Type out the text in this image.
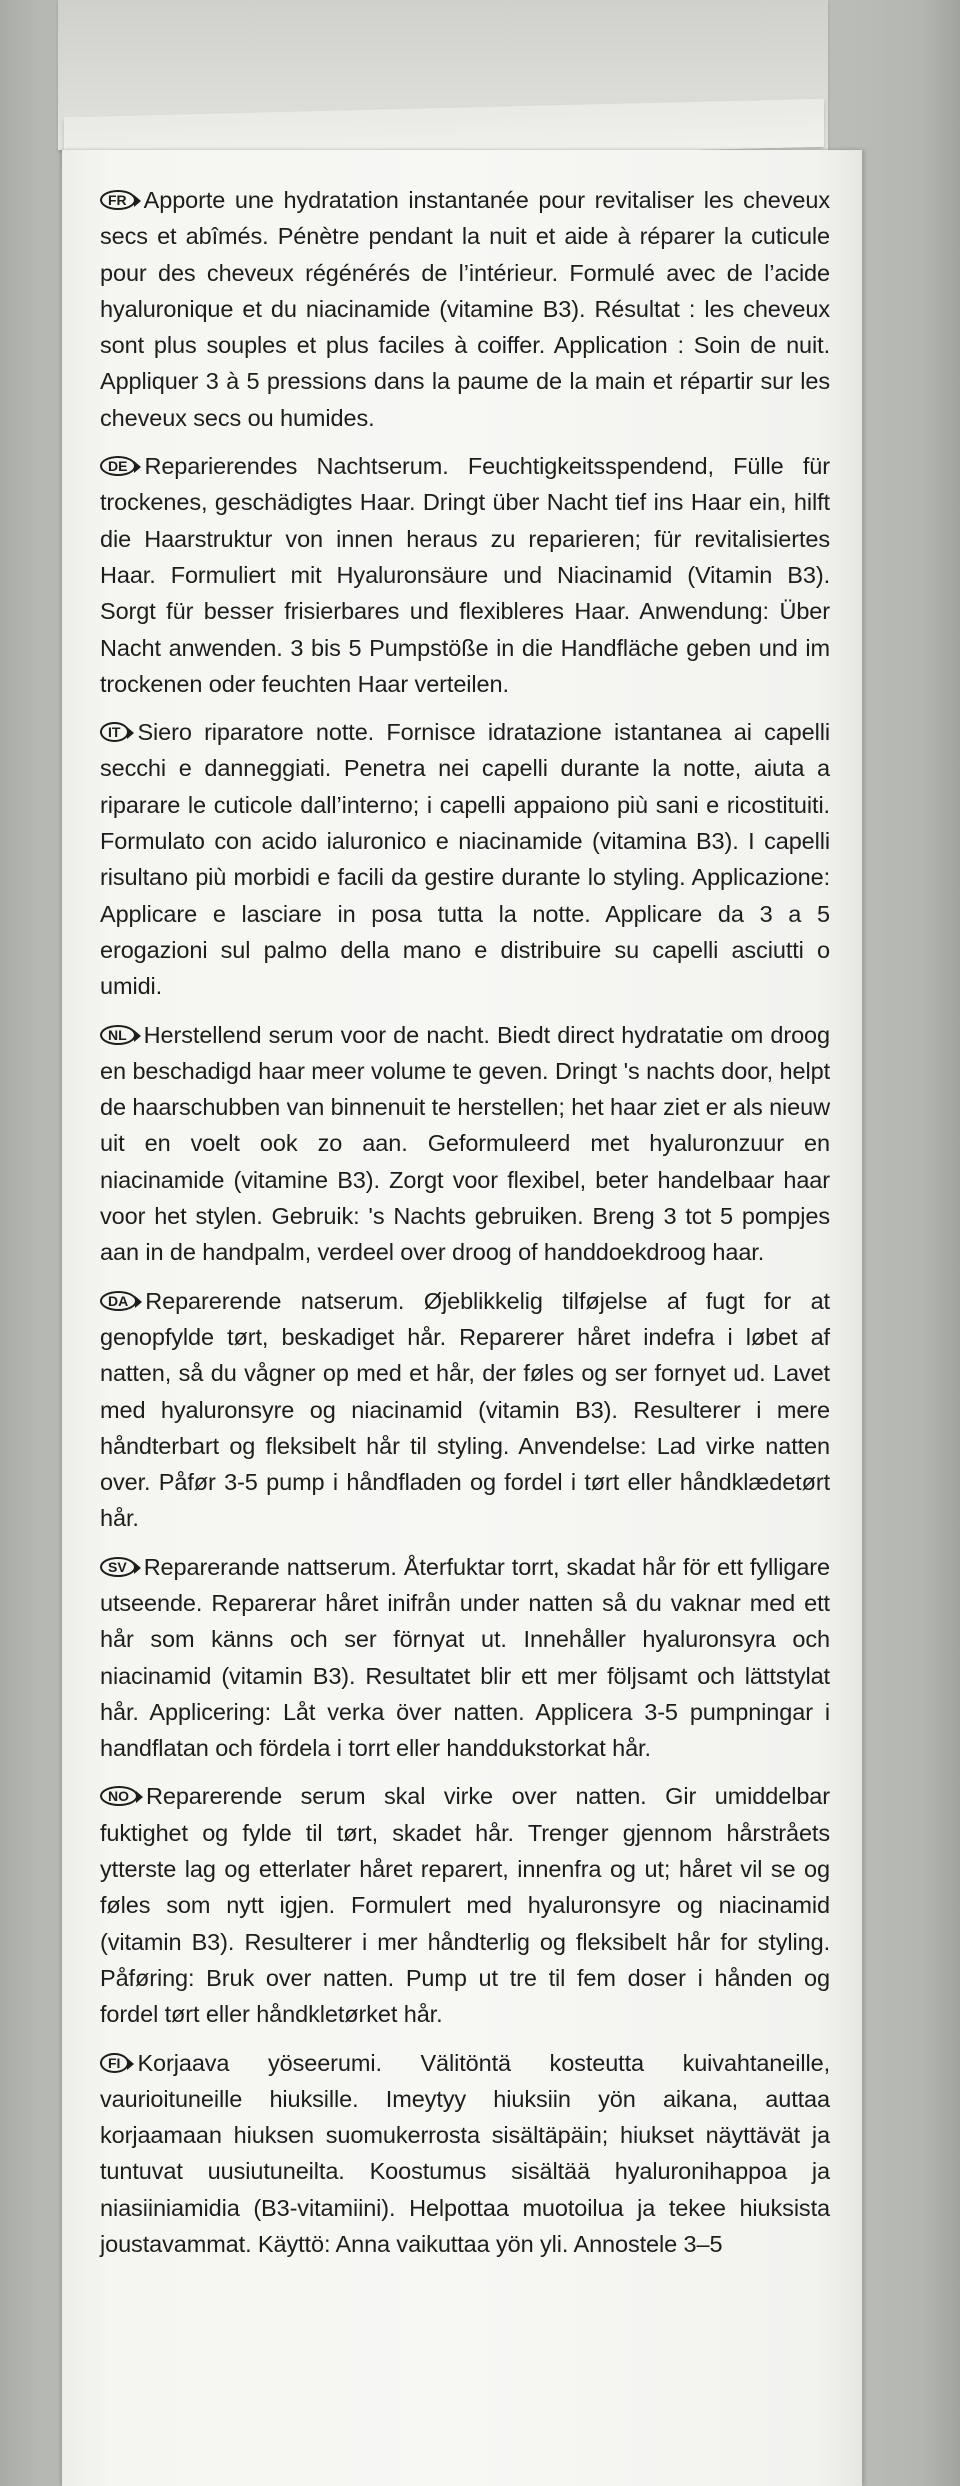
FR Apporte une hydratation instantanée pour revitaliser les cheveux secs et abîmés. Pénètre pendant la nuit et aide à réparer la cuticule pour des cheveux régénérés de l’intérieur. Formulé avec de l’acide hyaluronique et du niacinamide (vitamine B3). Résultat : les cheveux sont plus souples et plus faciles à coiffer. Application : Soin de nuit. Appliquer 3 à 5 pressions dans la paume de la main et répartir sur les cheveux secs ou humides.

DE Reparierendes Nachtserum. Feuchtigkeitsspendend, Fülle für trockenes, geschädigtes Haar. Dringt über Nacht tief ins Haar ein, hilft die Haarstruktur von innen heraus zu reparieren; für revitalisiertes Haar. Formuliert mit Hyaluronsäure und Niacinamid (Vitamin B3). Sorgt für besser frisierbares und flexibleres Haar. Anwendung: Über Nacht anwenden. 3 bis 5 Pumpstöße in die Handfläche geben und im trockenen oder feuchten Haar verteilen.

IT Siero riparatore notte. Fornisce idratazione istantanea ai capelli secchi e danneggiati. Penetra nei capelli durante la notte, aiuta a riparare le cuticole dall’interno; i capelli appaiono più sani e ricostituiti. Formulato con acido ialuronico e niacinamide (vitamina B3). I capelli risultano più morbidi e facili da gestire durante lo styling. Applicazione: Applicare e lasciare in posa tutta la notte. Applicare da 3 a 5 erogazioni sul palmo della mano e distribuire su capelli asciutti o umidi.

NL Herstellend serum voor de nacht. Biedt direct hydratatie om droog en beschadigd haar meer volume te geven. Dringt 's nachts door, helpt de haarschubben van binnenuit te herstellen; het haar ziet er als nieuw uit en voelt ook zo aan. Geformuleerd met hyaluronzuur en niacinamide (vitamine B3). Zorgt voor flexibel, beter handelbaar haar voor het stylen. Gebruik: 's Nachts gebruiken. Breng 3 tot 5 pompjes aan in de handpalm, verdeel over droog of handdoekdroog haar.

DA Reparerende natserum. Øjeblikkelig tilføjelse af fugt for at genopfylde tørt, beskadiget hår. Reparerer håret indefra i løbet af natten, så du vågner op med et hår, der føles og ser fornyet ud. Lavet med hyaluronsyre og niacinamid (vitamin B3). Resulterer i mere håndterbart og fleksibelt hår til styling. Anvendelse: Lad virke natten over. Påfør 3-5 pump i håndfladen og fordel i tørt eller håndklædetørt hår.

SV Reparerande nattserum. Återfuktar torrt, skadat hår för ett fylligare utseende. Reparerar håret inifrån under natten så du vaknar med ett hår som känns och ser förnyat ut. Innehåller hyaluronsyra och niacinamid (vitamin B3). Resultatet blir ett mer följsamt och lättstylat hår. Applicering: Låt verka över natten. Applicera 3-5 pumpningar i handflatan och fördela i torrt eller handdukstorkat hår.

NO Reparerende serum skal virke over natten. Gir umiddelbar fuktighet og fylde til tørt, skadet hår. Trenger gjennom hårstråets ytterste lag og etterlater håret reparert, innenfra og ut; håret vil se og føles som nytt igjen. Formulert med hyaluronsyre og niacinamid (vitamin B3). Resulterer i mer håndterlig og fleksibelt hår for styling. Påføring: Bruk over natten. Pump ut tre til fem doser i hånden og fordel tørt eller håndkletørket hår.

FI Korjaava yöseerumi. Välitöntä kosteutta kuivahtaneille, vaurioituneille hiuksille. Imeytyy hiuksiin yön aikana, auttaa korjaamaan hiuksen suomukerrosta sisältäpäin; hiukset näyttävät ja tuntuvat uusiutuneilta. Koostumus sisältää hyaluronihappoa ja niasiiniamidia (B3-vitamiini). Helpottaa muotoilua ja tekee hiuksista joustavammat. Käyttö: Anna vaikuttaa yön yli. Annostele 3–5
